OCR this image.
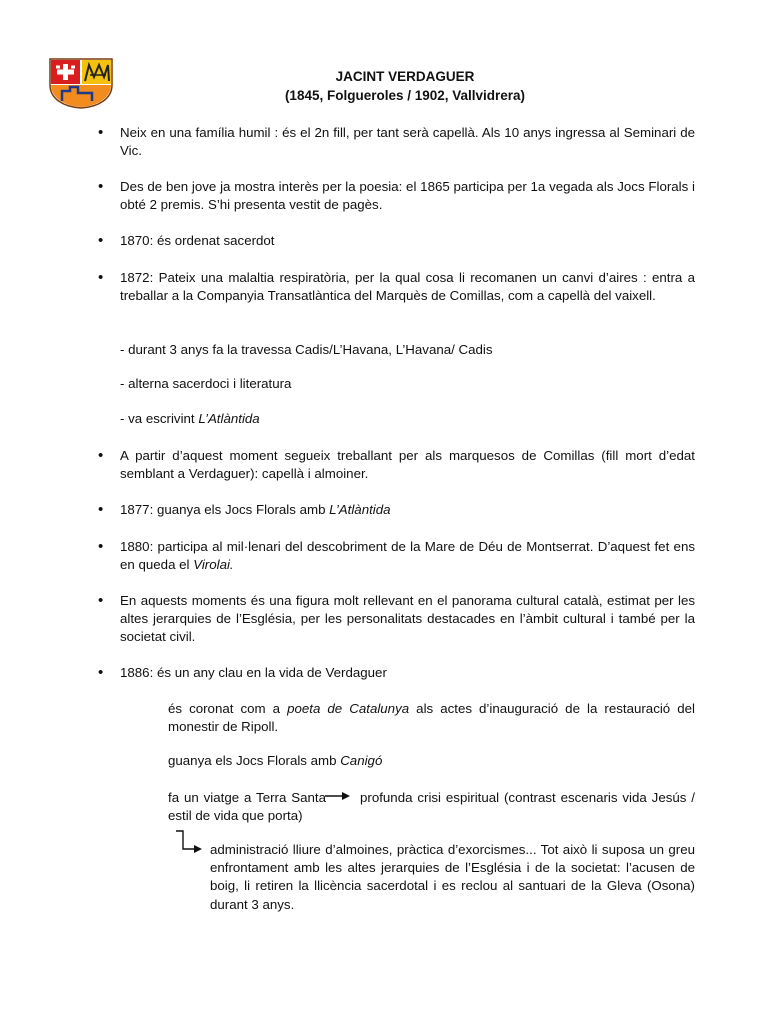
JACINT VERDAGUER
(1845, Folgueroles / 1902, Vallvidrera)
• Neix en una família humil : és el 2n fill, per tant serà capellà. Als 10 anys ingressa al Seminari de Vic.
• Des de ben jove ja mostra interès per la poesia: el 1865 participa per 1a vegada als Jocs Florals i obté 2 premis. S’hi presenta vestit de pagès.
• 1870: és ordenat sacerdot
• 1872: Pateix una malaltia respiratòria, per la qual cosa li recomanen un canvi d’aires : entra a treballar a la Companyia Transatlàntica del Marquès de Comillas, com a capellà del vaixell.
- durant 3 anys fa la travessa Cadis/L’Havana, L’Havana/ Cadis
- alterna sacerdoci i literatura
- va escrivint L’Atlàntida
• A partir d’aquest moment segueix treballant per als marquesos de Comillas (fill mort d’edat semblant a Verdaguer): capellà i almoiner.
• 1877: guanya els Jocs Florals amb L’Atlàntida
• 1880: participa al mil·lenari del descobriment de la Mare de Déu de Montserrat. D’aquest fet ens en queda el Virolai.
• En aquests moments és una figura molt rellevant en el panorama cultural català, estimat per les altes jerarquies de l’Església, per les personalitats destacades en l’àmbit cultural i també per la societat civil.
• 1886: és un any clau en la vida de Verdaguer
és coronat com a poeta de Catalunya als actes d’inauguració de la restauració del monestir de Ripoll.
guanya els Jocs Florals amb Canigó
fa un viatge a Terra Santa	profunda crisi espiritual (contrast escenaris vida Jesús / estil de vida que porta)
administració lliure d’almoines, pràctica d’exorcismes... Tot això li suposa un greu enfrontament amb les altes jerarquies de l’Església i de la societat: l’acusen de boig, li retiren la llicència sacerdotal i es reclou al santuari de la Gleva (Osona) durant 3 anys.
